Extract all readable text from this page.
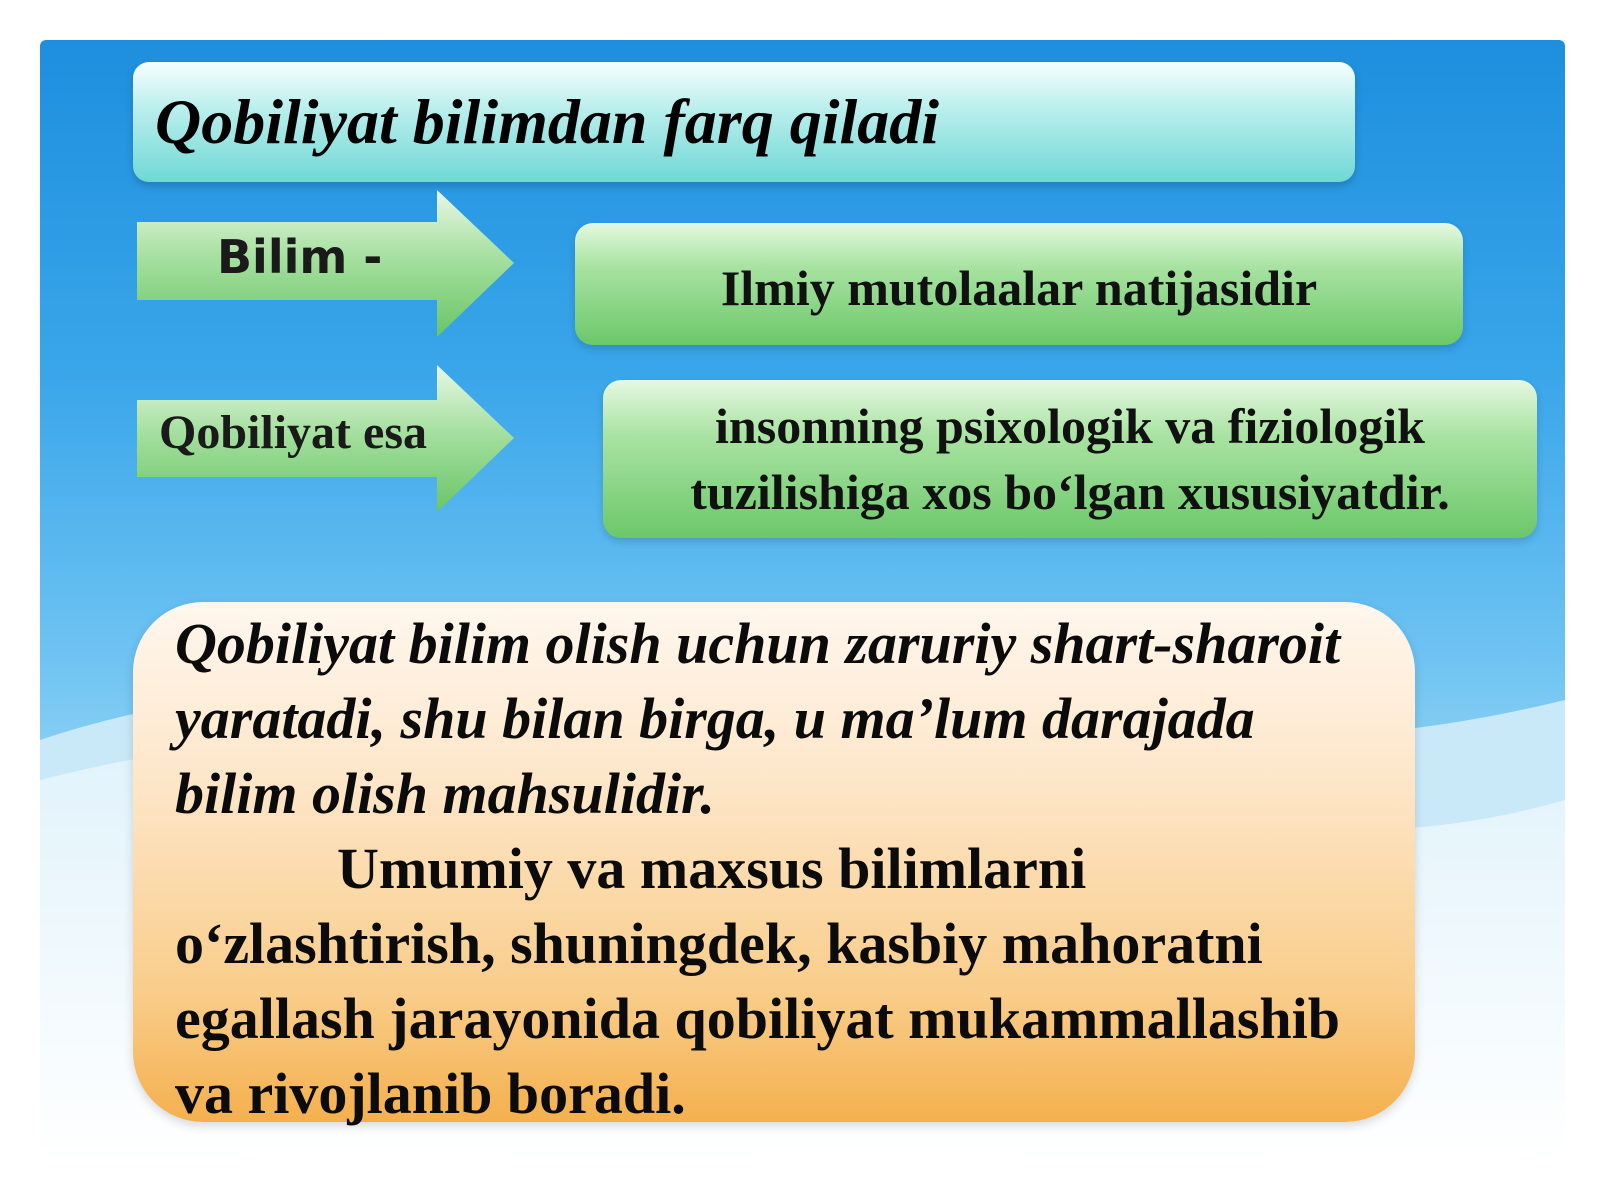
Qobiliyat bilimdan farq qiladi
Bilim -
Qobiliyat esa
Ilmiy mutolaalar natijasidir
insonning psixologik va fiziologik
tuzilishiga xos bo‘lgan xususiyatdir.

Qobiliyat bilim olish uchun zaruriy shart-sharoit yaratadi, shu bilan birga, u ma’lum darajada bilim olish mahsulidir.

Umumiy va maxsus bilimlarni o‘zlashtirish, shuningdek, kasbiy mahoratni egallash jarayonida qobiliyat mukammallashib va rivojlanib boradi.
